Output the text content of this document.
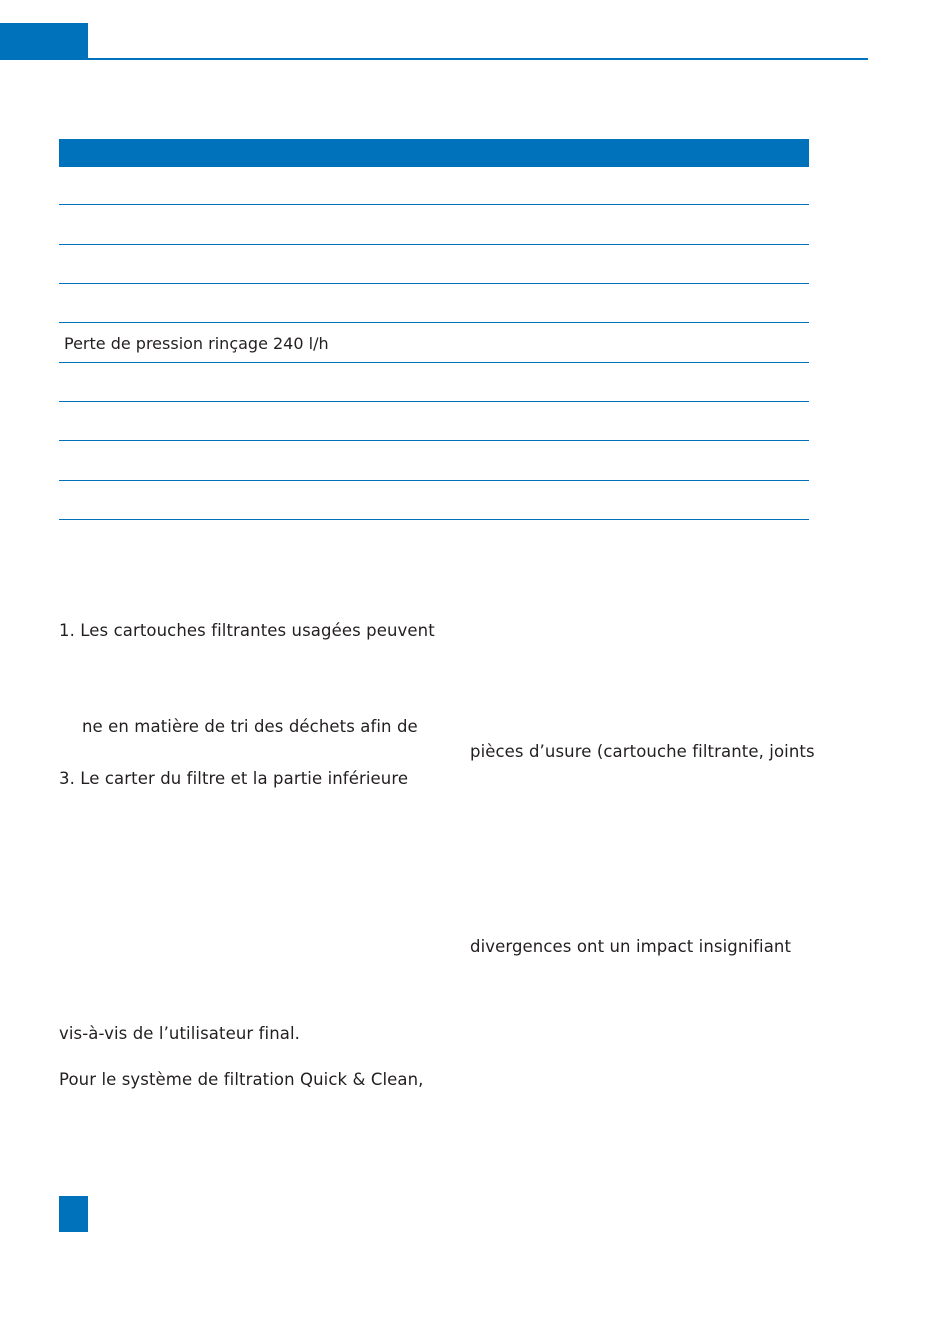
Perte de pression rinçage 240 l/h
1. Les cartouches filtrantes usagées peuvent
ne en matière de tri des déchets afin de
3. Le carter du filtre et la partie inférieure
vis-à-vis de l’utilisateur final.
Pour le système de filtration Quick & Clean,
pièces d’usure (cartouche filtrante, joints
divergences ont un impact insignifiant
